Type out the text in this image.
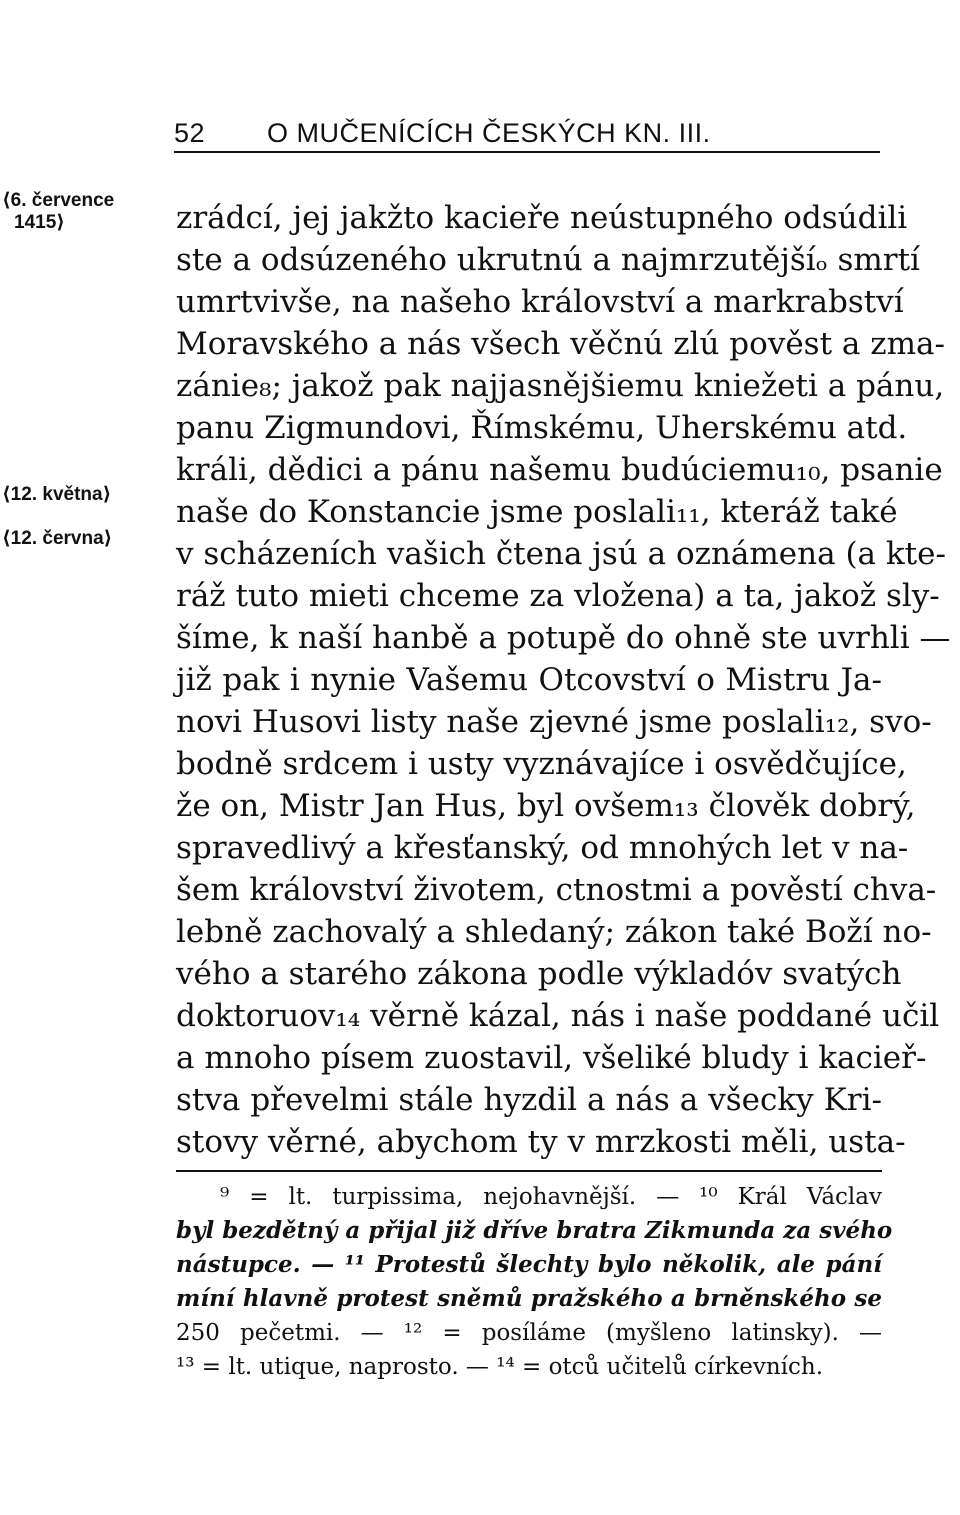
52 O MUČENÍCÍCH ČESKÝCH KN. III.
⟨6. července
1415⟩
⟨12. května⟩
⟨12. června⟩
zrádcí, jej jakžto kacieře neústupného odsúdili
ste a odsúzeného ukrutnú a najmrzutějšíₒ smrtí
umrtvivše, na našeho království a markrabství
Moravského a nás všech věčnú zlú pověst a zma-
zánie₈; jakož pak najjasnějšiemu kniežeti a pánu,
panu Zigmundovi, Římskému, Uherskému atd.
králi, dědici a pánu našemu budúciemu₁₀, psanie
naše do Konstancie jsme poslali₁₁, kteráž také
v scházeních vašich čtena jsú a oznámena (a kte-
ráž tuto mieti chceme za vložena) a ta, jakož sly-
šíme, k naší hanbě a potupě do ohně ste uvrhli —
již pak i nynie Vašemu Otcovství o Mistru Ja-
novi Husovi listy naše zjevné jsme poslali₁₂, svo-
bodně srdcem i usty vyznávajíce i osvědčujíce,
že on, Mistr Jan Hus, byl ovšem₁₃ člověk dobrý,
spravedlivý a křesťanský, od mnohých let v na-
šem království životem, ctnostmi a pověstí chva-
lebně zachovalý a shledaný; zákon také Boží no-
vého a starého zákona podle výkladóv svatých
doktoruov₁₄ věrně kázal, nás i naše poddané učil
a mnoho písem zuostavil, všeliké bludy i kacieř-
stva převelmi stále hyzdil a nás a všecky Kri-
⁹ = lt. turpissima, nejohavnější. — ¹⁰ Král Václav
byl bezdětný a přijal již dříve bratra Zikmunda za svého
nástupce. — ¹¹ Protestů šlechty bylo několik, ale pání
míní hlavně protest sněmů pražského a brněnského se
250 pečetmi. — ¹² = posíláme (myšleno latinsky). —
¹³ = lt. utique, naprosto. — ¹⁴ = otců učitelů církevních.
stovy věrné, abychom ty v mrzkosti měli, usta-
